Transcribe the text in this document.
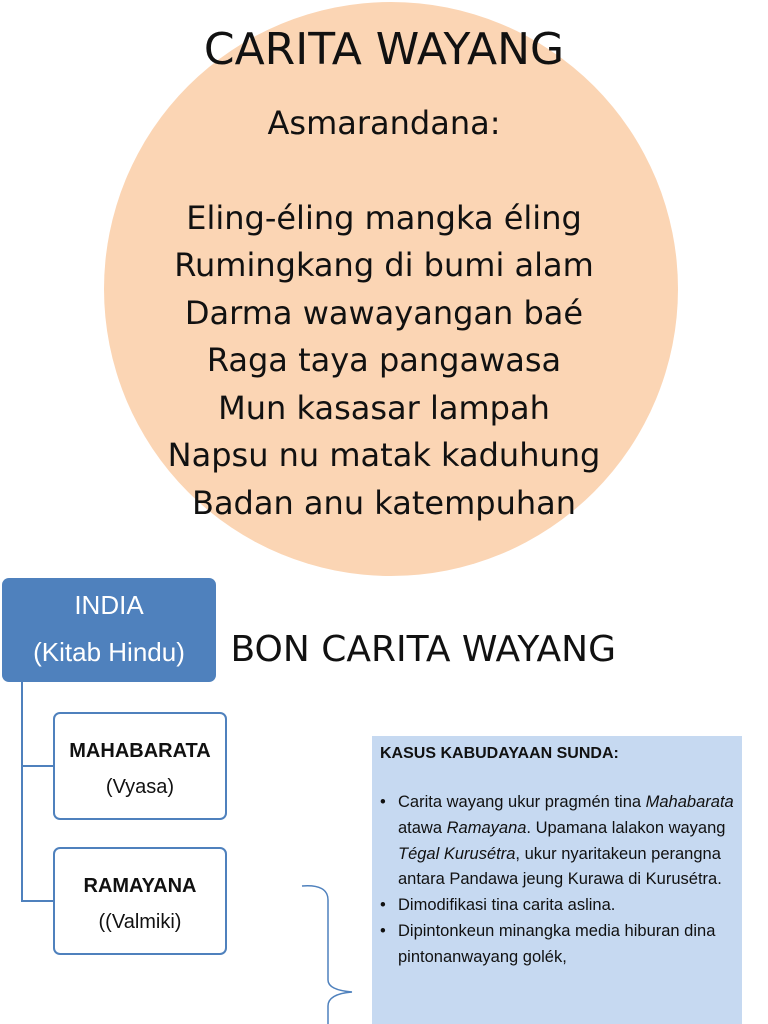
CARITA WAYANG
Asmarandana:
Eling-éling mangka éling
Rumingkang di bumi alam
Darma wawayangan baé
Raga taya pangawasa
Mun kasasar lampah
Napsu nu matak kaduhung
Badan anu katempuhan
BON CARITA WAYANG
INDIA
(Kitab Hindu)
MAHABARATA
(Vyasa)
RAMAYANA
((Valmiki)

KASUS KABUDAYAAN SUNDA:

• Carita wayang ukur pragmén tina Mahabarata atawa Ramayana. Upamana lalakon wayang Tégal Kurusétra, ukur nyaritakeun perangna antara Pandawa jeung Kurawa di Kurusétra.
• Dimodifikasi tina carita aslina.
• Dipintonkeun minangka media hiburan dina pintonanwayang golék,
